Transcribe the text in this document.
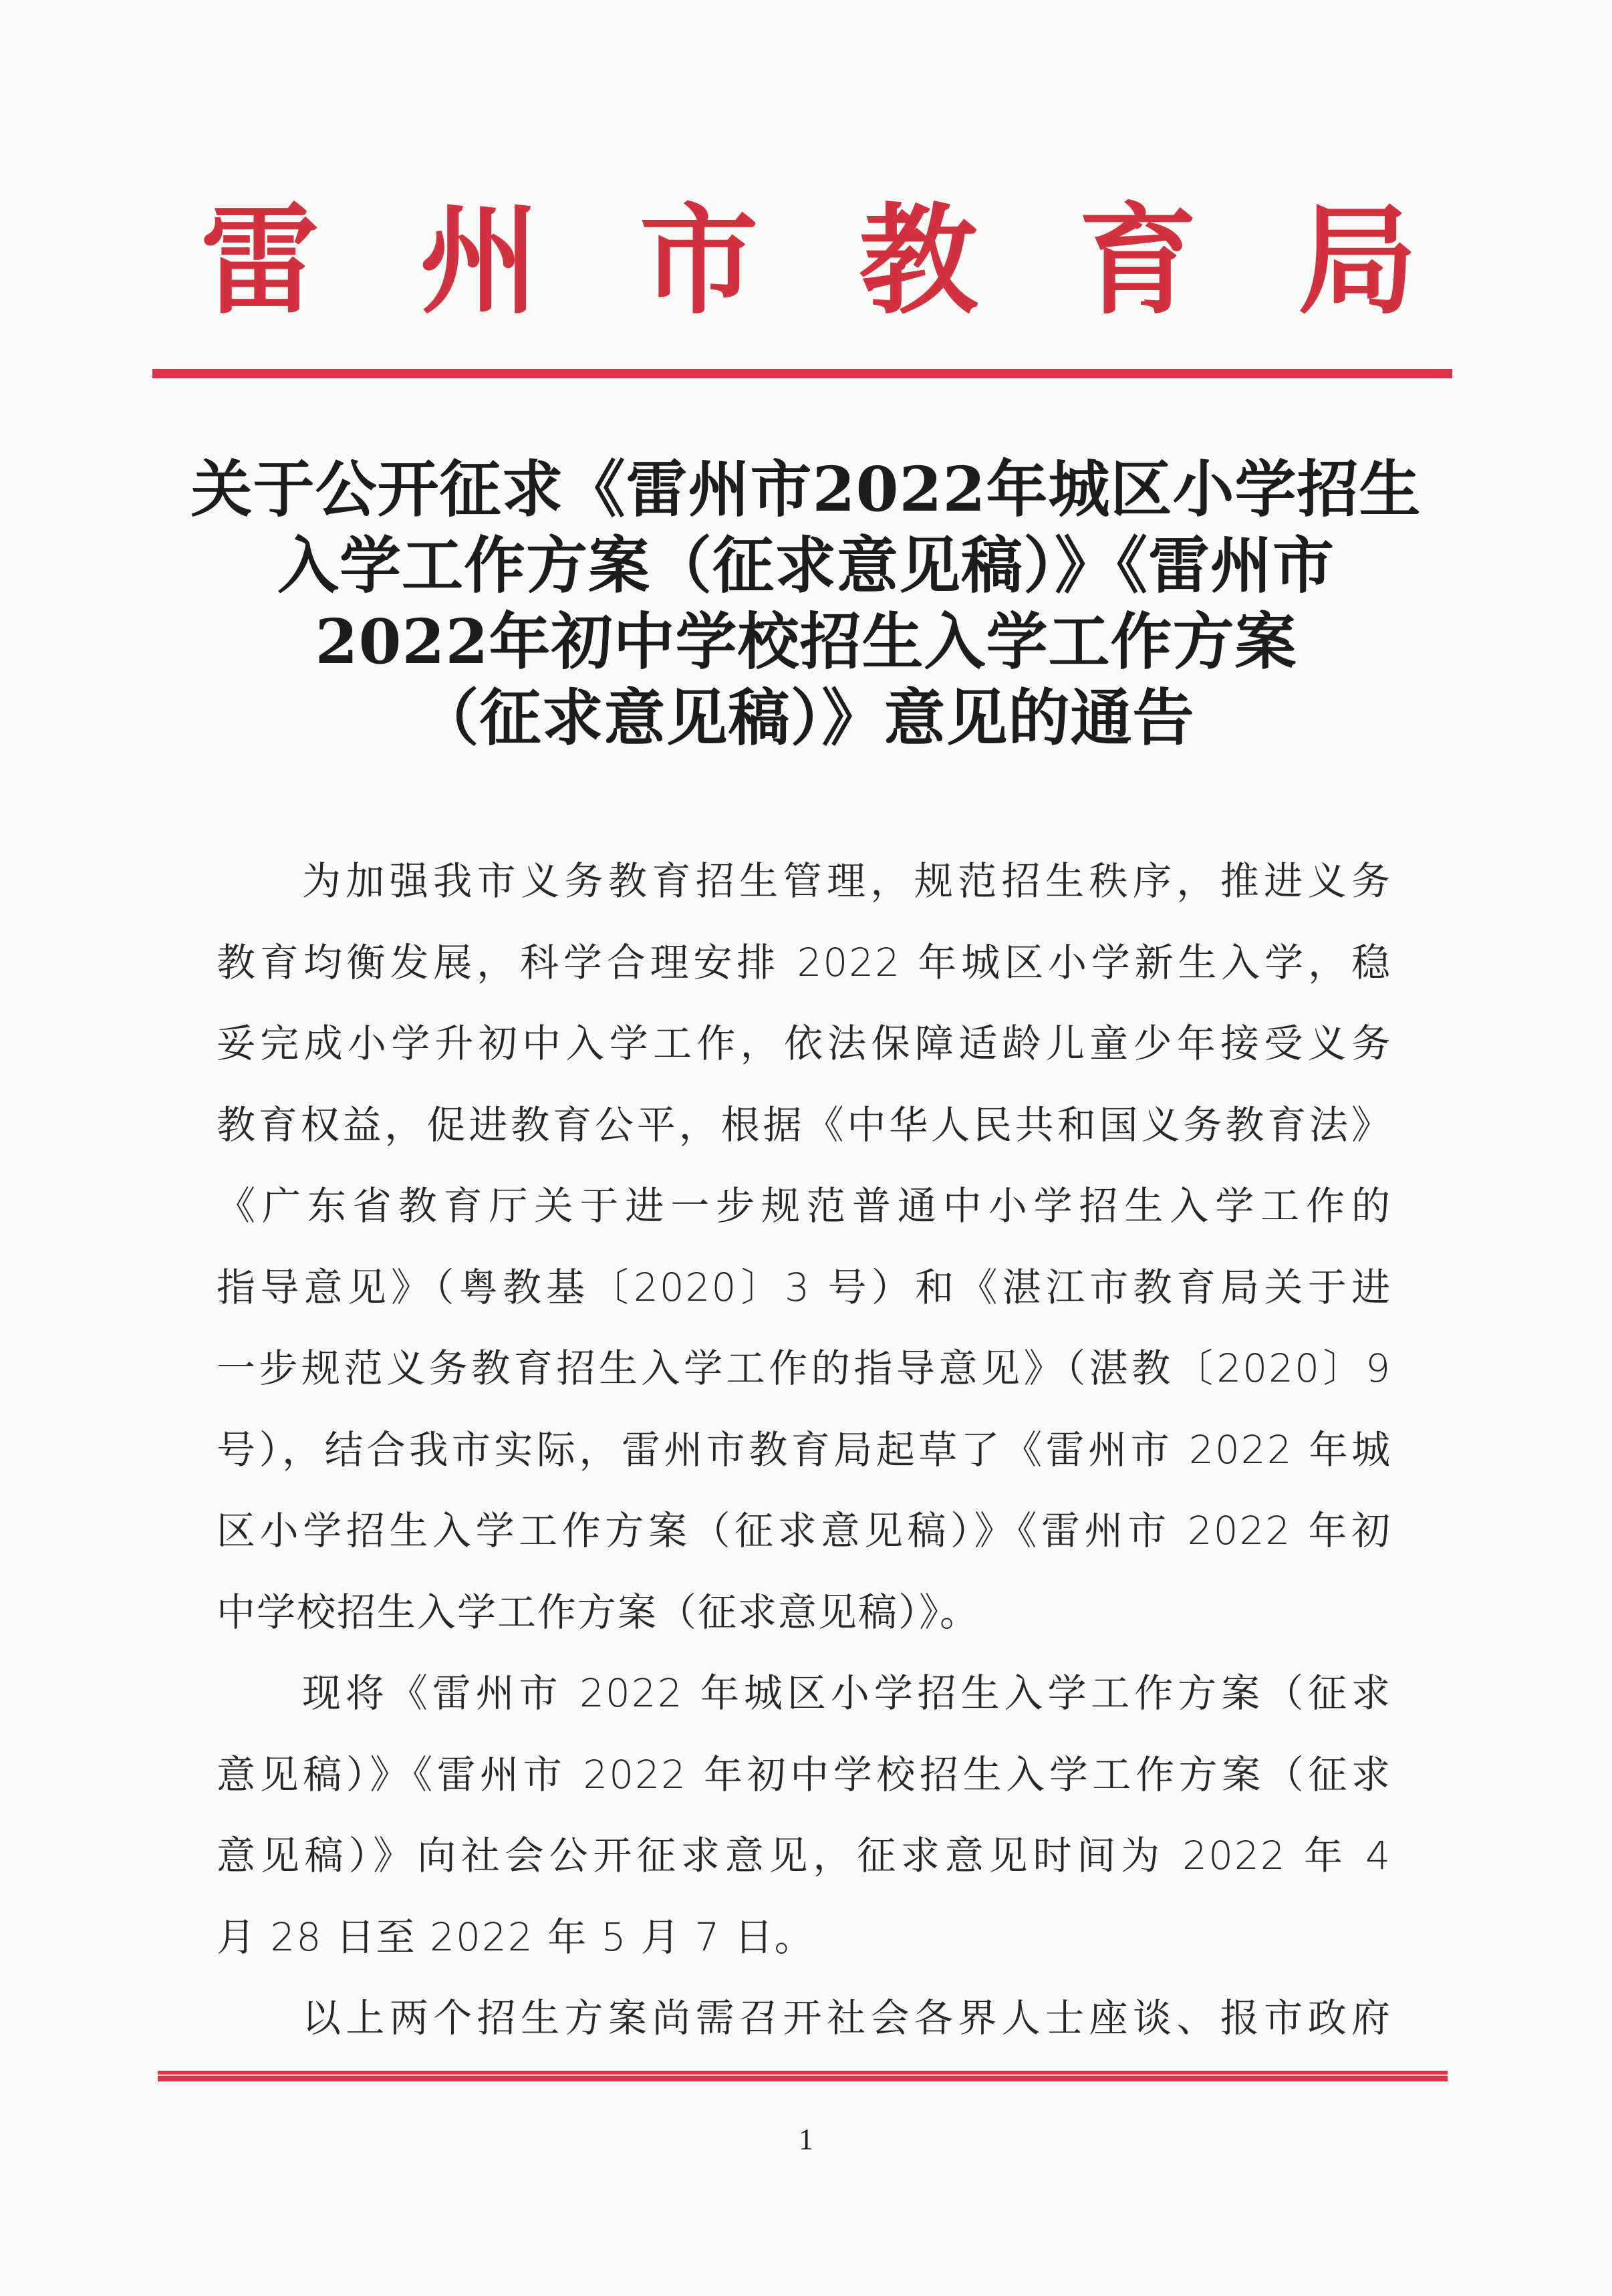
雷 州 市 教 育 局
关于公开征求《雷州市2022年城区小学招生
入学工作方案（征求意见稿）》《雷州市
2022年初中学校招生入学工作方案
（征求意见稿）》意见的通告
为加强我市义务教育招生管理，规范招生秩序，推进义务
教育均衡发展，科学合理安排 2022 年城区小学新生入学，稳
妥完成小学升初中入学工作，依法保障适龄儿童少年接受义务
教育权益，促进教育公平，根据《中华人民共和国义务教育法》
《广东省教育厅关于进一步规范普通中小学招生入学工作的
指导意见》（粤教基〔2020〕3 号）和《湛江市教育局关于进
一步规范义务教育招生入学工作的指导意见》（湛教〔2020〕9
号），结合我市实际，雷州市教育局起草了《雷州市 2022 年城
区小学招生入学工作方案（征求意见稿）》《雷州市 2022 年初
中学校招生入学工作方案（征求意见稿）》。
现将《雷州市 2022 年城区小学招生入学工作方案（征求
意见稿）》《雷州市 2022 年初中学校招生入学工作方案（征求
意见稿）》向社会公开征求意见，征求意见时间为 2022 年 4
月 28 日至 2022 年 5 月 7 日。
以上两个招生方案尚需召开社会各界人士座谈、报市政府
1
